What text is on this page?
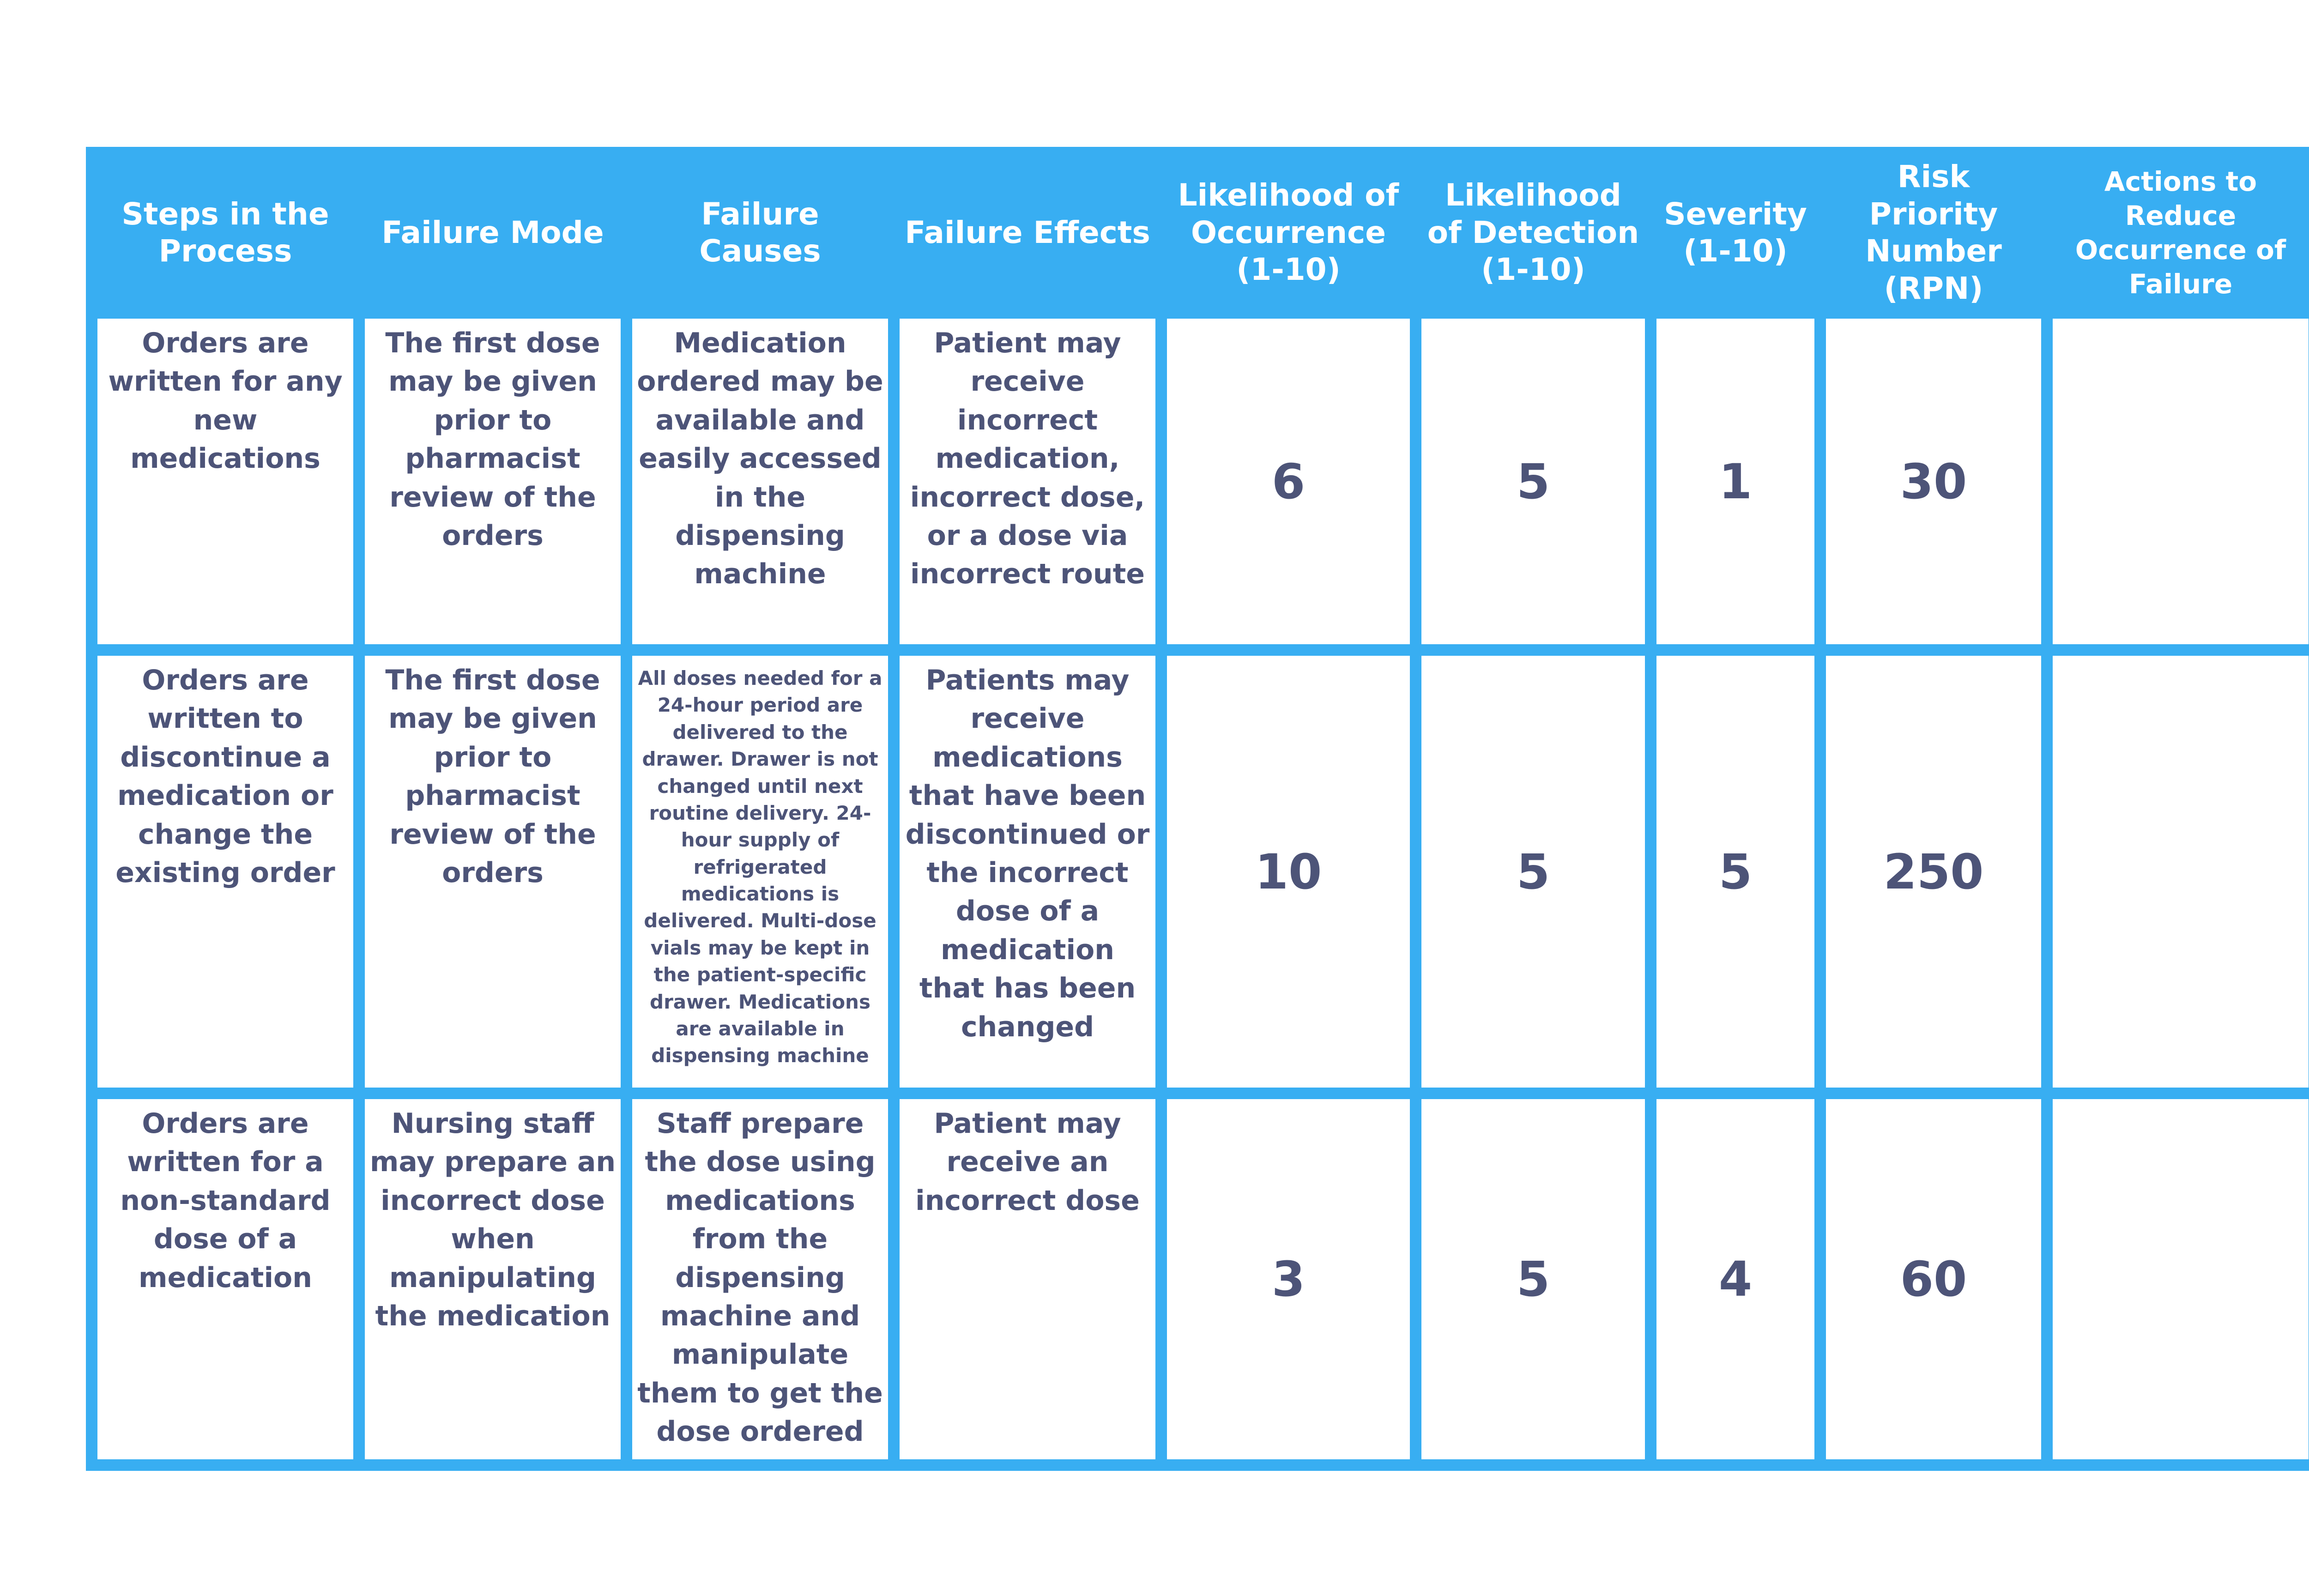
Steps in the Process	Failure Mode	Failure Causes	Failure Effects	Likelihood of Occurrence (1-10)	Likelihood of Detection (1-10)	Severity (1-10)	Risk Priority Number (RPN)	Actions to Reduce Occurrence of Failure
Orders are written for any new medications	The first dose may be given prior to pharmacist review of the orders	Medication ordered may be available and easily accessed in the dispensing machine	Patient may receive incorrect medication, incorrect dose, or a dose via incorrect route	6	5	1	30	
Orders are written to discontinue a medication or change the existing order	The first dose may be given prior to pharmacist review of the orders	All doses needed for a 24-hour period are delivered to the drawer. Drawer is not changed until next routine delivery. 24-hour supply of refrigerated medications is delivered. Multi-dose vials may be kept in the patient-specific drawer. Medications are available in dispensing machine	Patients may receive medications that have been discontinued or the incorrect dose of a medication that has been changed	10	5	5	250	
Orders are written for a non-standard dose of a medication	Nursing staff may prepare an incorrect dose when manipulating the medication	Staff prepare the dose using medications from the dispensing machine and manipulate them to get the dose ordered	Patient may receive an incorrect dose	3	5	4	60	
